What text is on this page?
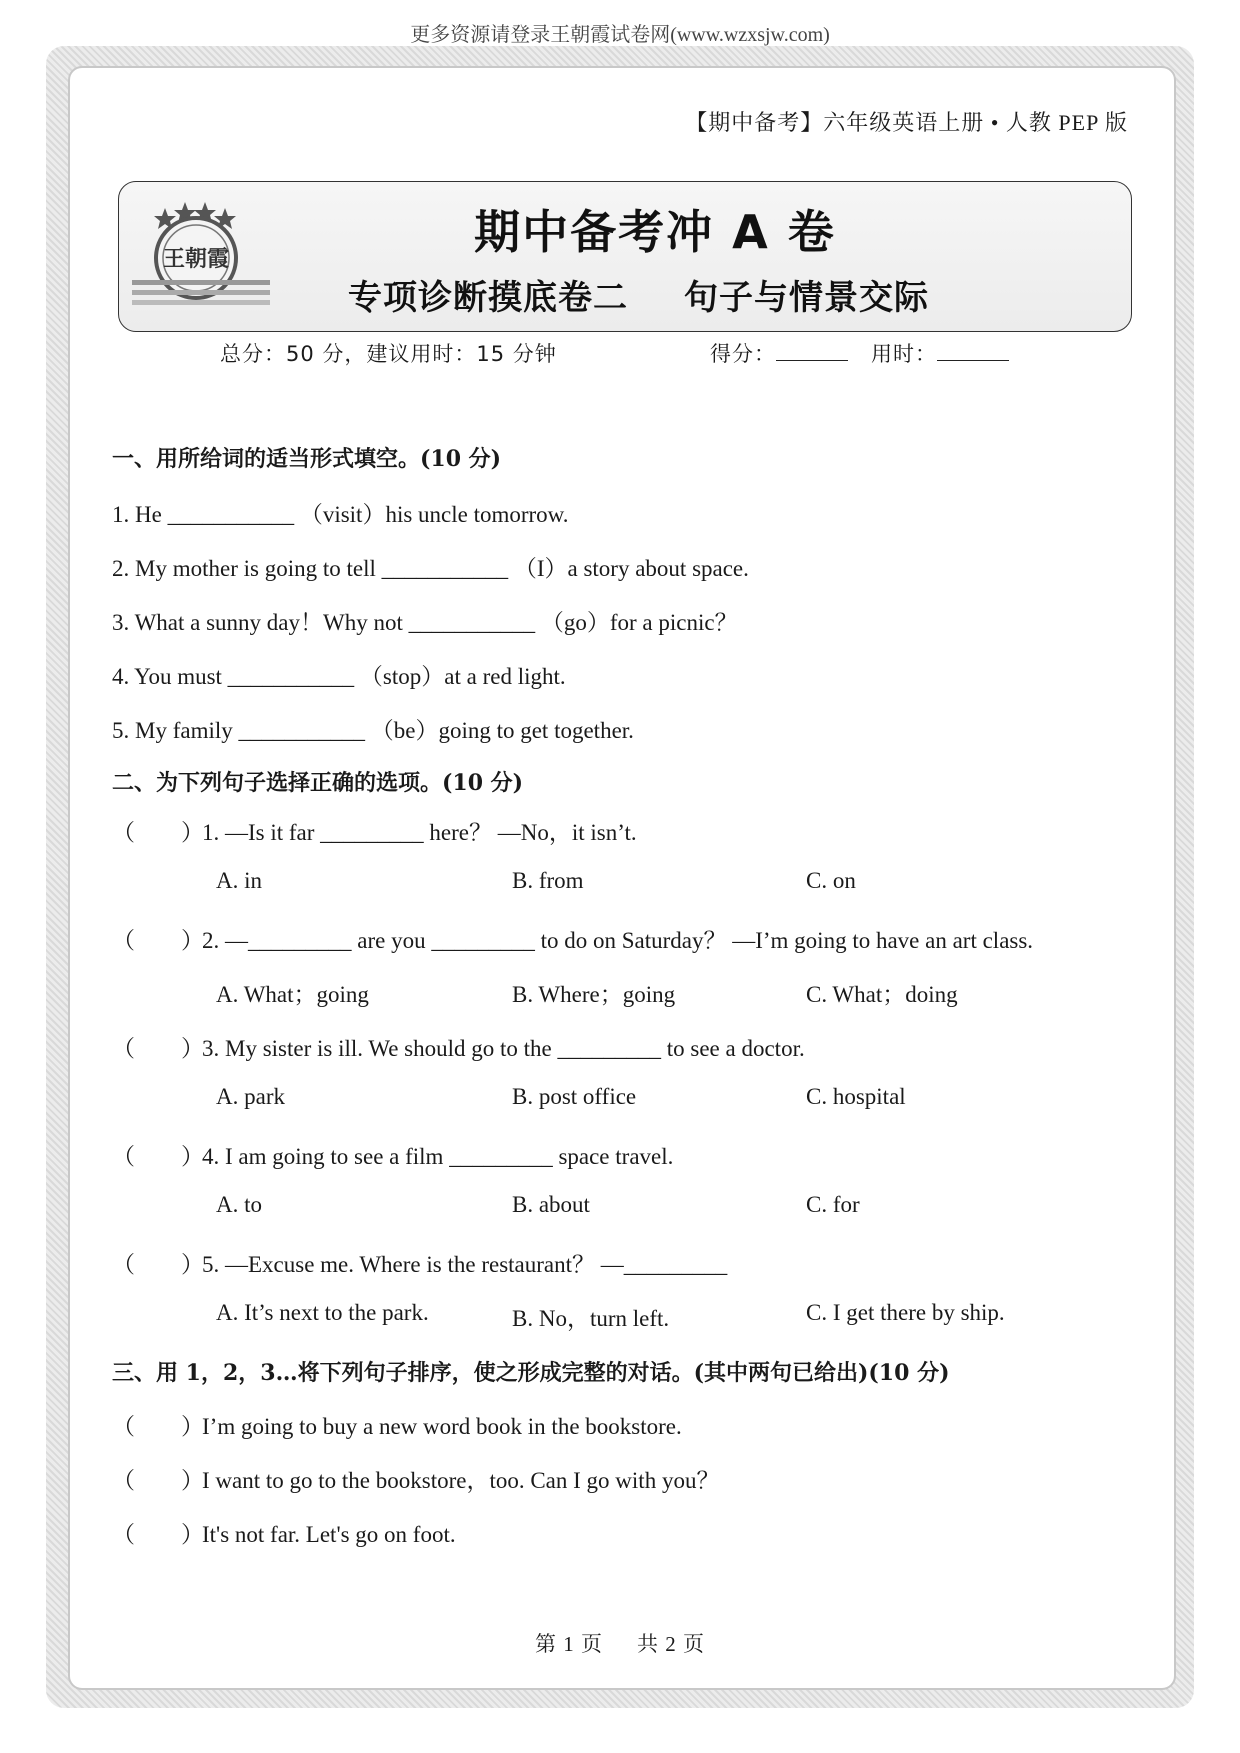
更多资源请登录王朝霞试卷网(www.wzxsjw.com)
【期中备考】六年级英语上册 • 人教 PEP 版
王朝霞	期中备考冲 A 卷
专项诊断摸底卷二 句子与情景交际
总分：50 分，建议用时：15 分钟	得分：	用时：
一、用所给词的适当形式填空。(10 分)
1. He ___________ （visit）his uncle tomorrow.
2. My mother is going to tell ___________ （I）a story about space.
3. What a sunny day！Why not ___________ （go）for a picnic？
4. You must ___________ （stop）at a red light.
5. My family ___________ （be）going to get together.
二、为下列句子选择正确的选项。(10 分)
（　　）1. —Is it far _________ here？ —No，it isn’t.
A. in	B. from	C. on
（　　）2. —_________ are you _________ to do on Saturday？ —I’m going to have an art class.
A. What；going	B. Where；going	C. What；doing
（　　）3. My sister is ill. We should go to the _________ to see a doctor.
A. park	B. post office	C. hospital
（　　）4. I am going to see a film _________ space travel.
A. to	B. about	C. for
（　　）5. —Excuse me. Where is the restaurant？ —_________
A. It’s next to the park.	B. No，turn left.	C. I get there by ship.
三、用 1，2，3…将下列句子排序，使之形成完整的对话。(其中两句已给出)(10 分)
（　　）I’m going to buy a new word book in the bookstore.
（　　）I want to go to the bookstore，too. Can I go with you？
（　　）It's not far. Let's go on foot.
第 1 页 共 2 页
